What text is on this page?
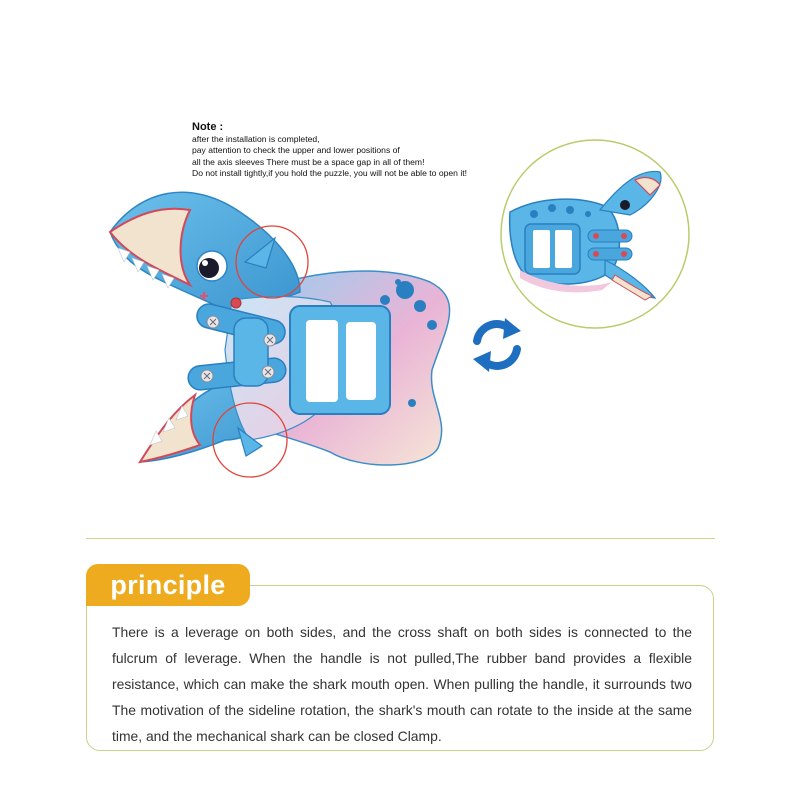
Note :
after the installation is completed,
pay attention to check the upper and lower positions of
all the axis sleeves There must be a space gap in all of them!
Do not install tightly,if you hold the puzzle, you will not be able to open it!
principle
There is a leverage on both sides, and the cross shaft on both sides is connected to the fulcrum of leverage. When the handle is not pulled,The rubber band provides a flexible resistance, which can make the shark mouth open. When pulling the handle, it surrounds two The motivation of the sideline rotation, the shark's mouth can rotate to the inside at the same time, and the mechanical shark can be closed Clamp.
